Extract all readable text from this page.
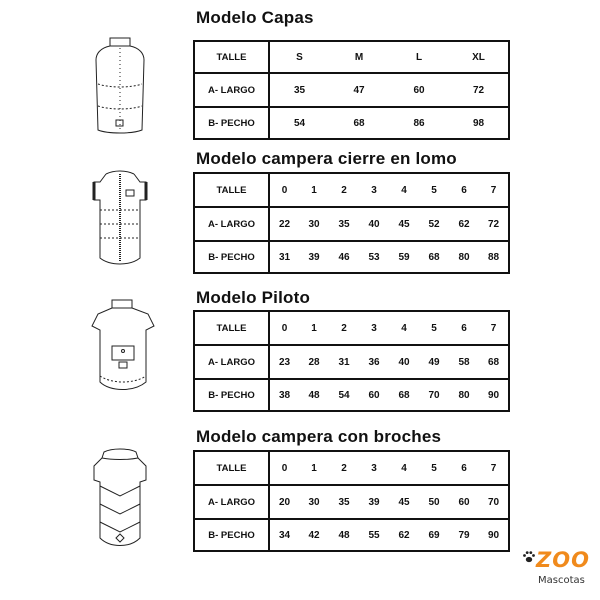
Modelo Capas
TALLE	S	M	L	XL
A- LARGO	35	47	60	72
B- PECHO	54	68	86	98
Modelo campera cierre en lomo
TALLE	0	1	2	3	4	5	6	7
A- LARGO	22	30	35	40	45	52	62	72
B- PECHO	31	39	46	53	59	68	80	88
Modelo Piloto
TALLE	0	1	2	3	4	5	6	7
A- LARGO	23	28	31	36	40	49	58	68
B- PECHO	38	48	54	60	68	70	80	90
Modelo campera con broches
TALLE	0	1	2	3	4	5	6	7
A- LARGO	20	30	35	39	45	50	60	70
B- PECHO	34	42	48	55	62	69	79	90
ZOO
Mascotas
